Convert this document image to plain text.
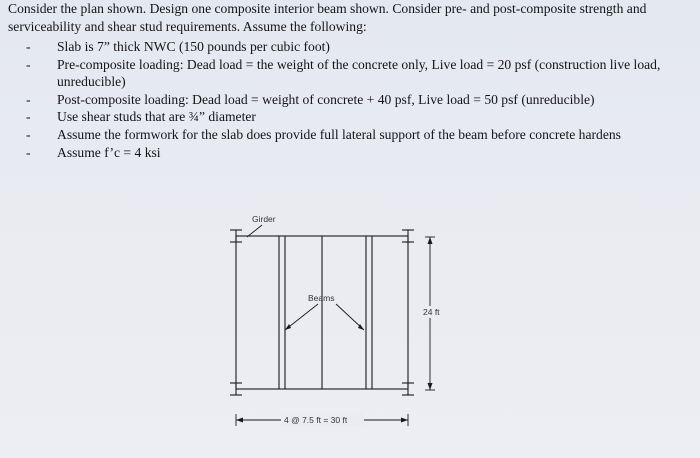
Consider the plan shown. Design one composite interior beam shown. Consider pre- and post-composite strength and serviceability and shear stud requirements. Assume the following:
-	Slab is 7” thick NWC (150 pounds per cubic foot)
-	Pre-composite loading: Dead load = the weight of the concrete only, Live load = 20 psf (construction live load, unreducible)
-	Post-composite loading: Dead load = weight of concrete + 40 psf, Live load = 50 psf (unreducible)
-	Use shear studs that are ¾” diameter
-	Assume the formwork for the slab does provide full lateral support of the beam before concrete hardens
-	Assume f’c = 4 ksi
Girder
Beams
24 ft
4 @ 7.5 ft = 30 ft
